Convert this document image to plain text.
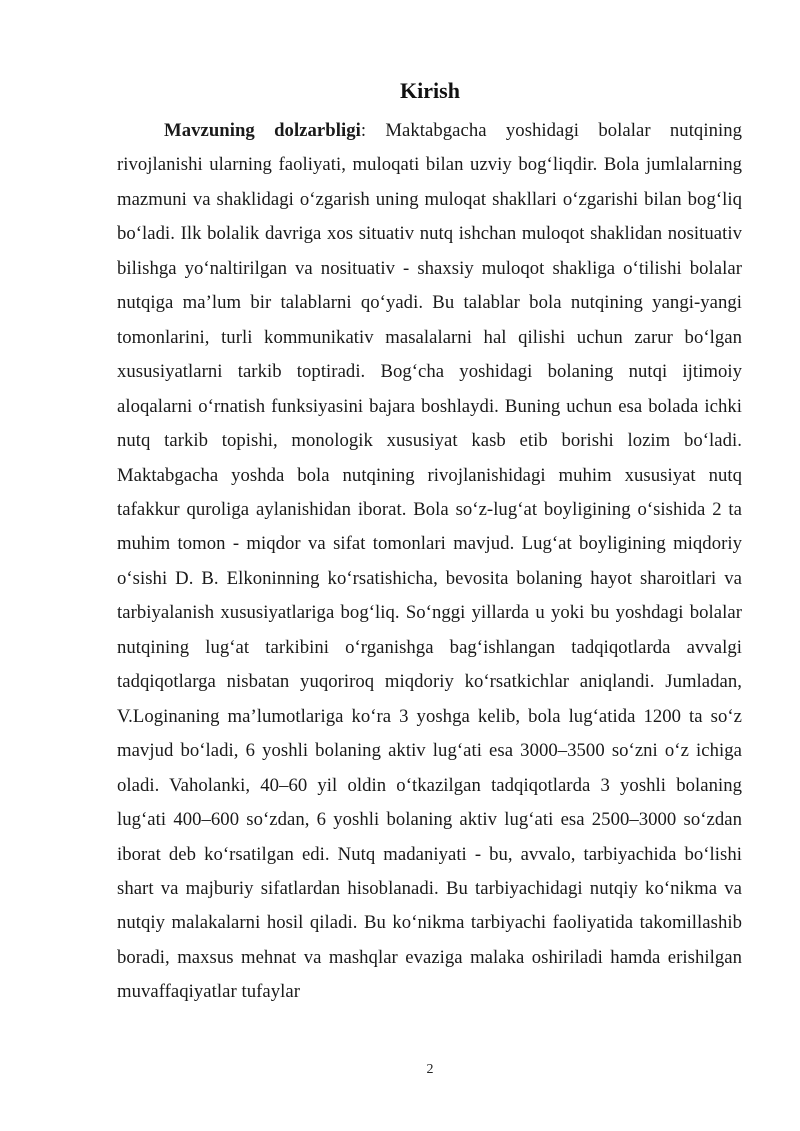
Kirish

Mavzuning dolzarbligi: Maktabgacha yoshidagi bolalar nutqining rivojlanishi ularning faoliyati, muloqati bilan uzviy bog‘liqdir. Bola jumlalarning mazmuni va shaklidagi o‘zgarish uning muloqat shakllari o‘zgarishi bilan bog‘liq bo‘ladi. Ilk bolalik davriga xos situativ nutq ishchan muloqot shaklidan nosituativ bilishga yo‘naltirilgan va nosituativ - shaxsiy muloqot shakliga o‘tilishi bolalar nutqiga ma’lum bir talablarni qo‘yadi. Bu talablar bola nutqining yangi-yangi tomonlarini, turli kommunikativ masalalarni hal qilishi uchun zarur bo‘lgan xususiyatlarni tarkib toptiradi. Bog‘cha yoshidagi bolaning nutqi ijtimoiy aloqalarni o‘rnatish funksiyasini bajara boshlaydi. Buning uchun esa bolada ichki nutq tarkib topishi, monologik xususiyat kasb etib borishi lozim bo‘ladi. Maktabgacha yoshda bola nutqining rivojlanishidagi muhim xususiyat nutq tafakkur quroliga aylanishidan iborat. Bola so‘z-lug‘at boyligining o‘sishida 2 ta muhim tomon - miqdor va sifat tomonlari mavjud. Lug‘at boyligining miqdoriy o‘sishi D. B. Elkoninning ko‘rsatishicha, bevosita bolaning hayot sharoitlari va tarbiyalanish xususiyatlariga bog‘liq. So‘nggi yillarda u yoki bu yoshdagi bolalar nutqining lug‘at tarkibini o‘rganishga bag‘ishlangan tadqiqotlarda avvalgi tadqiqotlarga nisbatan yuqoriroq miqdoriy ko‘rsatkichlar aniqlandi. Jumladan, V.Loginaning ma’lumotlariga ko‘ra 3 yoshga kelib, bola lug‘atida 1200 ta so‘z mavjud bo‘ladi, 6 yoshli bolaning aktiv lug‘ati esa 3000–3500 so‘zni o‘z ichiga oladi. Vaholanki, 40–60 yil oldin o‘tkazilgan tadqiqotlarda 3 yoshli bolaning lug‘ati 400–600 so‘zdan, 6 yoshli bolaning aktiv lug‘ati esa 2500–3000 so‘zdan iborat deb ko‘rsatilgan edi. Nutq madaniyati - bu, avvalo, tarbiyachida bo‘lishi shart va majburiy sifatlardan hisoblanadi. Bu tarbiyachidagi nutqiy ko‘nikma va nutqiy malakalarni hosil qiladi. Bu ko‘nikma tarbiyachi faoliyatida takomillashib boradi, maxsus mehnat va mashqlar evaziga malaka oshiriladi hamda erishilgan muvaffaqiyatlar tufaylar

2
